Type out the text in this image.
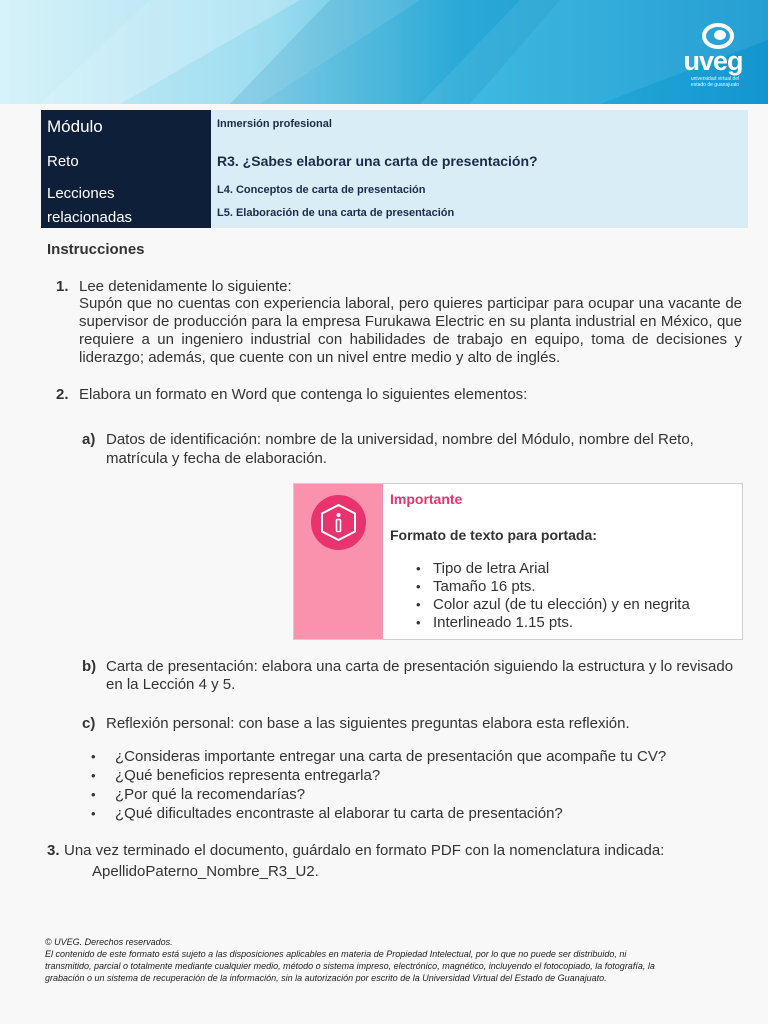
uveg
universidad virtual del estado de guanajuato
Módulo	Inmersión profesional

Reto	R3. ¿Sabes elaborar una carta de presentación?

Lecciones
relacionadas	L4. Conceptos de carta de presentación
L5. Elaboración de una carta de presentación
Instrucciones
1. Lee detenidamente lo siguiente:
Supón que no cuentas con experiencia laboral, pero quieres participar para ocupar una vacante de
supervisor de producción para la empresa Furukawa Electric en su planta industrial en México, que
requiere a un ingeniero industrial con habilidades de trabajo en equipo, toma de decisiones y
liderazgo; además, que cuente con un nivel entre medio y alto de inglés.
2. Elabora un formato en Word que contenga lo siguientes elementos:
a) Datos de identificación: nombre de la universidad, nombre del Módulo, nombre del Reto,
matrícula y fecha de elaboración.
Importante
Formato de texto para portada:
• Tipo de letra Arial
• Tamaño 16 pts.
• Color azul (de tu elección) y en negrita
• Interlineado 1.15 pts.
b) Carta de presentación: elabora una carta de presentación siguiendo la estructura y lo revisado
en la Lección 4 y 5.
c) Reflexión personal: con base a las siguientes preguntas elabora esta reflexión.
• ¿Consideras importante entregar una carta de presentación que acompañe tu CV?
• ¿Qué beneficios representa entregarla?
• ¿Por qué la recomendarías?
• ¿Qué dificultades encontraste al elaborar tu carta de presentación?
3. Una vez terminado el documento, guárdalo en formato PDF con la nomenclatura indicada:
ApellidoPaterno_Nombre_R3_U2.
© UVEG. Derechos reservados.
El contenido de este formato está sujeto a las disposiciones aplicables en materia de Propiedad Intelectual, por lo que no puede ser distribuido, ni
transmitido, parcial o totalmente mediante cualquier medio, método o sistema impreso, electrónico, magnético, incluyendo el fotocopiado, la fotografía, la
grabación o un sistema de recuperación de la información, sin la autorización por escrito de la Universidad Virtual del Estado de Guanajuato.
